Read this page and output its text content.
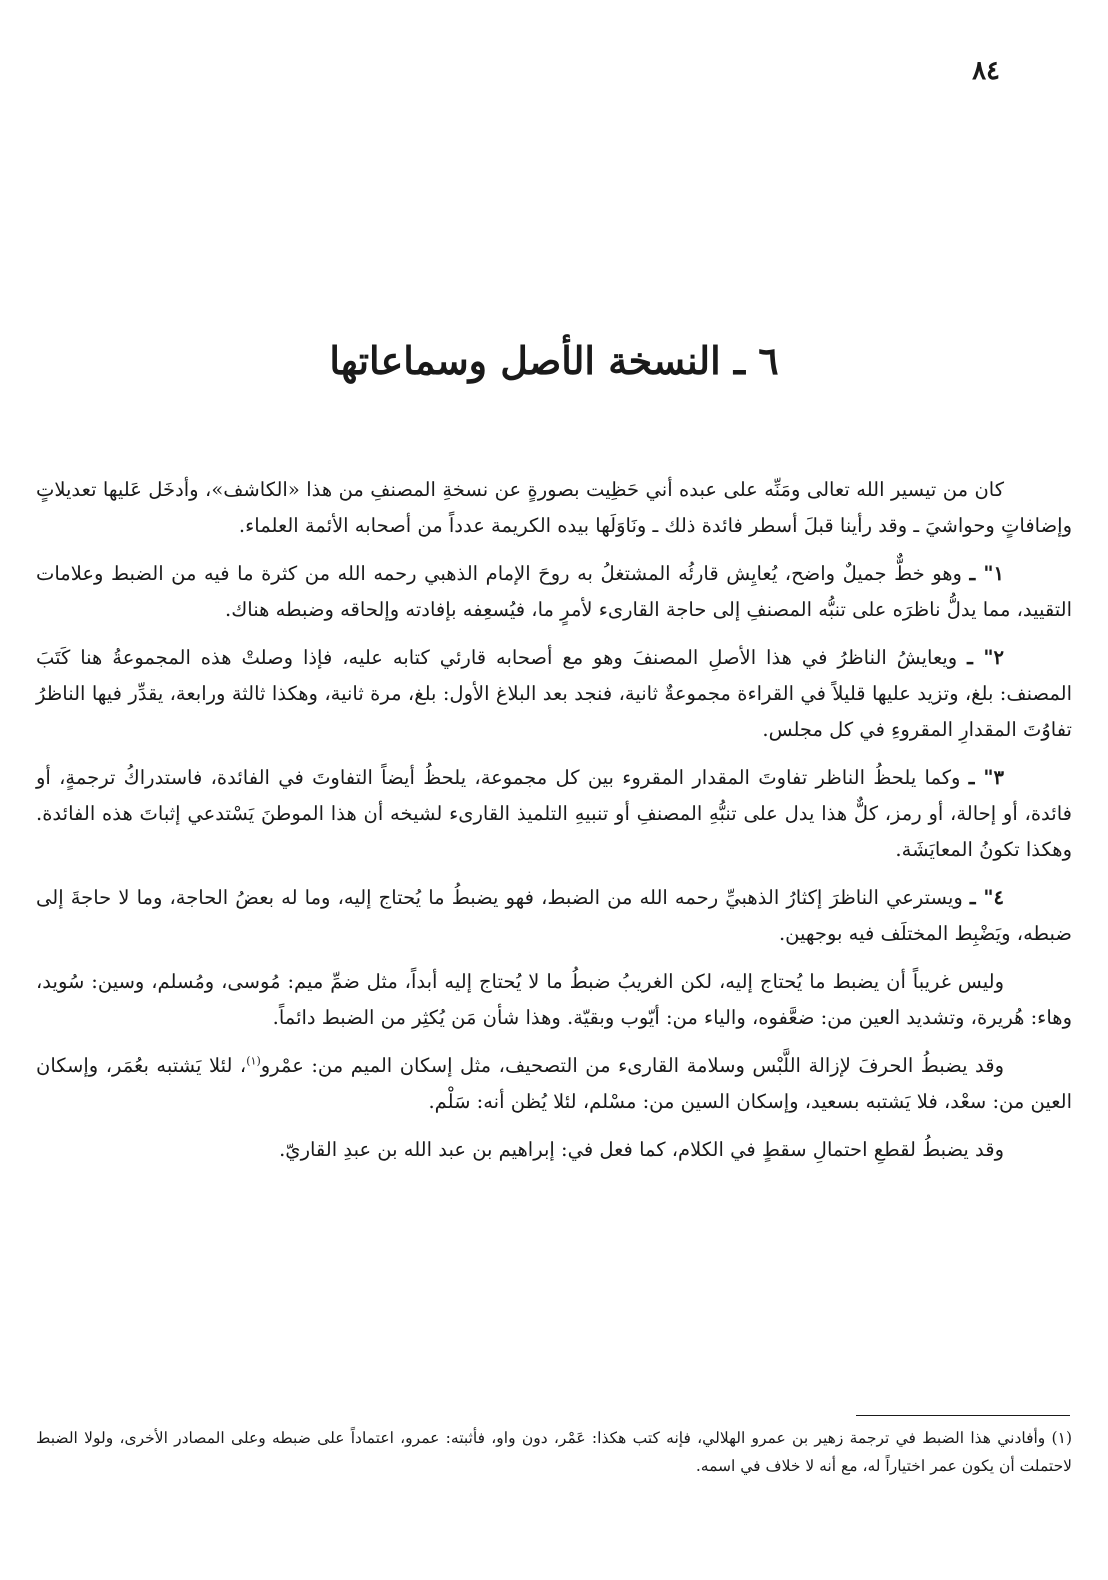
٨٤
٦ ـ النسخة الأصل وسماعاتها

كان من تيسير الله تعالى ومَنِّه على عبده أني حَظِيت بصورةٍ عن نسخةِ المصنفِ من هذا «الكاشف»، وأدخَل عَليها تعديلاتٍ وإضافاتٍ وحواشيَ ـ وقد رأينا قبلَ أسطر فائدة ذلك ـ ونَاوَلَها بيده الكريمة عدداً من أصحابه الأئمة العلماء.

١" ـ وهو خطٌّ جميلٌ واضح، يُعايِش قارئُه المشتغلُ به روحَ الإمام الذهبي رحمه الله من كثرة ما فيه من الضبط وعلامات التقييد، مما يدلُّ ناظرَه على تنبُّه المصنفِ إلى حاجة القارىء لأمرٍ ما، فيُسعِفه بإفادته وإلحاقه وضبطه هناك.

٢" ـ ويعايشُ الناظرُ في هذا الأصلِ المصنفَ وهو مع أصحابه قارئي كتابه عليه، فإذا وصلتْ هذه المجموعةُ هنا كَتَبَ المصنف: بلغ، وتزيد عليها قليلاً في القراءة مجموعةٌ ثانية، فنجد بعد البلاغ الأول: بلغ، مرة ثانية، وهكذا ثالثة ورابعة، يقدِّر فيها الناظرُ تفاوُتَ المقدارِ المقروءِ في كل مجلس.

٣" ـ وكما يلحظُ الناظر تفاوتَ المقدار المقروء بين كل مجموعة، يلحظُ أيضاً التفاوتَ في الفائدة، فاستدراكُ ترجمةٍ، أو فائدة، أو إحالة، أو رمز، كلٌّ هذا يدل على تنبُّهِ المصنفِ أو تنبيهِ التلميذ القارىء لشيخه أن هذا الموطنَ يَسْتدعي إثباتَ هذه الفائدة. وهكذا تكونُ المعايَشَة.

٤" ـ ويسترعي الناظرَ إكثارُ الذهبيِّ رحمه الله من الضبط، فهو يضبطُ ما يُحتاج إليه، وما له بعضُ الحاجة، وما لا حاجةَ إلى ضبطه، ويَضْبِط المختلَف فيه بوجهين.

وليس غريباً أن يضبط ما يُحتاج إليه، لكن الغريبُ ضبطُ ما لا يُحتاج إليه أبداً، مثل ضمِّ ميم: مُوسى، ومُسلم، وسين: سُويد، وهاء: هُريرة، وتشديد العين من: ضعَّفوه، والياء من: أيّوب وبقيّة. وهذا شأن مَن يُكثِر من الضبط دائماً.

وقد يضبطُ الحرفَ لإزالة اللَّبْس وسلامة القارىء من التصحيف، مثل إسكان الميم من: عمْرو$^{(١)}$، لئلا يَشتبه بعُمَر، وإسكان العين من: سعْد، فلا يَشتبه بسعيد، وإسكان السين من: مسْلم، لئلا يُظن أنه: سَلْم.

وقد يضبطُ لقطعِ احتمالِ سقطٍ في الكلام، كما فعل في: إبراهيم بن عبد الله بن عبدِ القاريّ.

(١) وأفادني هذا الضبط في ترجمة زهير بن عمرو الهلالي، فإنه كتب هكذا: عَمْر، دون واو، فأثبته: عمرو، اعتماداً على ضبطه وعلى المصادر الأخرى، ولولا الضبط لاحتملت أن يكون عمر اختياراً له، مع أنه لا خلاف في اسمه.
